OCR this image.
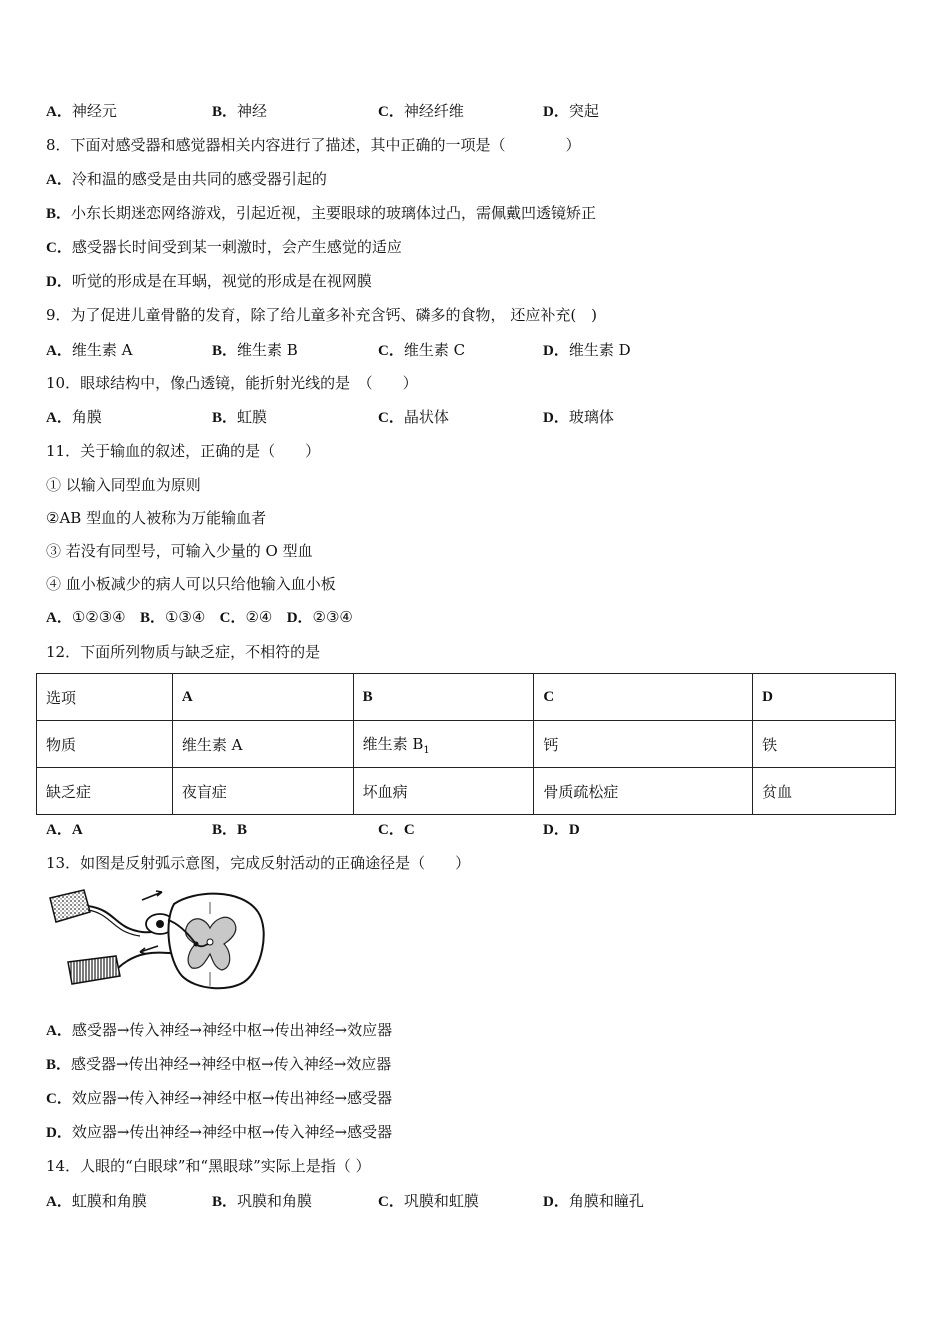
A．神经元	B．神经	C．神经纤维	D．突起
8．下面对感受器和感觉器相关内容进行了描述，其中正确的一项是（　　　　）
A．冷和温的感受是由共同的感受器引起的
B．小东长期迷恋网络游戏，引起近视，主要眼球的玻璃体过凸，需佩戴凹透镜矫正
C．感受器长时间受到某一刺激时，会产生感觉的适应
D．听觉的形成是在耳蜗，视觉的形成是在视网膜
9．为了促进儿童骨骼的发育，除了给儿童多补充含钙、磷多的食物， 还应补充(　)
A．维生素 A	B．维生素 B	C．维生素 C	D．维生素 D
10．眼球结构中，像凸透镜，能折射光线的是　（　　）
A．角膜	B．虹膜	C．晶状体	D．玻璃体
11．关于输血的叙述，正确的是（　　）
① 以输入同型血为原则
②AB 型血的人被称为万能输血者
③ 若没有同型号，可输入少量的 O 型血
④ 血小板减少的病人可以只给他输入血小板
A．①②③④ B．①③④ C．②④ D．②③④
12．下面所列物质与缺乏症，不相符的是
选项	A	B	C	D
物质	维生素 A	维生素 $B_1$	钙	铁
缺乏症	夜盲症	坏血病	骨质疏松症	贫血
A．A	B．B	C．C	D．D
13．如图是反射弧示意图，完成反射活动的正确途径是（　　）
A．感受器→传入神经→神经中枢→传出神经→效应器
B．感受器→传出神经→神经中枢→传入神经→效应器
C．效应器→传入神经→神经中枢→传出神经→感受器
D．效应器→传出神经→神经中枢→传入神经→感受器
14．人眼的“白眼球”和“黑眼球”实际上是指（ ）
A．虹膜和角膜	B．巩膜和角膜	C．巩膜和虹膜	D．角膜和瞳孔
